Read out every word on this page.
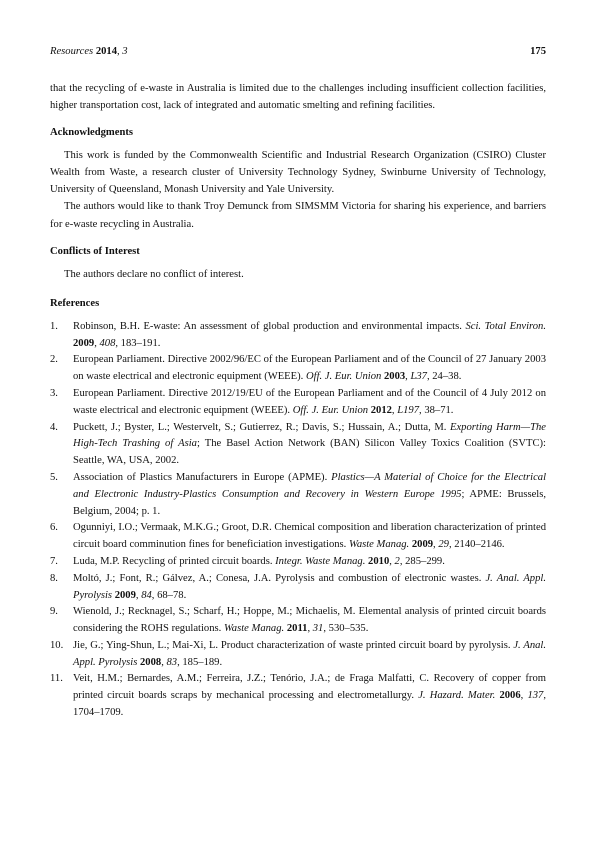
Resources 2014, 3	175

that the recycling of e-waste in Australia is limited due to the challenges including insufficient collection facilities, higher transportation cost, lack of integrated and automatic smelting and refining facilities.

Acknowledgments

This work is funded by the Commonwealth Scientific and Industrial Research Organization (CSIRO) Cluster Wealth from Waste, a research cluster of University Technology Sydney, Swinburne University of Technology, University of Queensland, Monash University and Yale University.

The authors would like to thank Troy Demunck from SIMSMM Victoria for sharing his experience, and barriers for e-waste recycling in Australia.

Conflicts of Interest

The authors declare no conflict of interest.

References
1. Robinson, B.H. E-waste: An assessment of global production and environmental impacts. Sci. Total Environ. 2009, 408, 183–191.
2. European Parliament. Directive 2002/96/EC of the European Parliament and of the Council of 27 January 2003 on waste electrical and electronic equipment (WEEE). Off. J. Eur. Union 2003, L37, 24–38.
3. European Parliament. Directive 2012/19/EU of the European Parliament and of the Council of 4 July 2012 on waste electrical and electronic equipment (WEEE). Off. J. Eur. Union 2012, L197, 38–71.
4. Puckett, J.; Byster, L.; Westervelt, S.; Gutierrez, R.; Davis, S.; Hussain, A.; Dutta, M. Exporting Harm—The High-Tech Trashing of Asia; The Basel Action Network (BAN) Silicon Valley Toxics Coalition (SVTC): Seattle, WA, USA, 2002.
5. Association of Plastics Manufacturers in Europe (APME). Plastics—A Material of Choice for the Electrical and Electronic Industry-Plastics Consumption and Recovery in Western Europe 1995; APME: Brussels, Belgium, 2004; p. 1.
6. Ogunniyi, I.O.; Vermaak, M.K.G.; Groot, D.R. Chemical composition and liberation characterization of printed circuit board comminution fines for beneficiation investigations. Waste Manag. 2009, 29, 2140–2146.
7. Luda, M.P. Recycling of printed circuit boards. Integr. Waste Manag. 2010, 2, 285–299.
8. Moltó, J.; Font, R.; Gálvez, A.; Conesa, J.A. Pyrolysis and combustion of electronic wastes. J. Anal. Appl. Pyrolysis 2009, 84, 68–78.
9. Wienold, J.; Recknagel, S.; Scharf, H.; Hoppe, M.; Michaelis, M. Elemental analysis of printed circuit boards considering the ROHS regulations. Waste Manag. 2011, 31, 530–535.
10. Jie, G.; Ying-Shun, L.; Mai-Xi, L. Product characterization of waste printed circuit board by pyrolysis. J. Anal. Appl. Pyrolysis 2008, 83, 185–189.
11. Veit, H.M.; Bernardes, A.M.; Ferreira, J.Z.; Tenório, J.A.; de Fraga Malfatti, C. Recovery of copper from printed circuit boards scraps by mechanical processing and electrometallurgy. J. Hazard. Mater. 2006, 137, 1704–1709.
